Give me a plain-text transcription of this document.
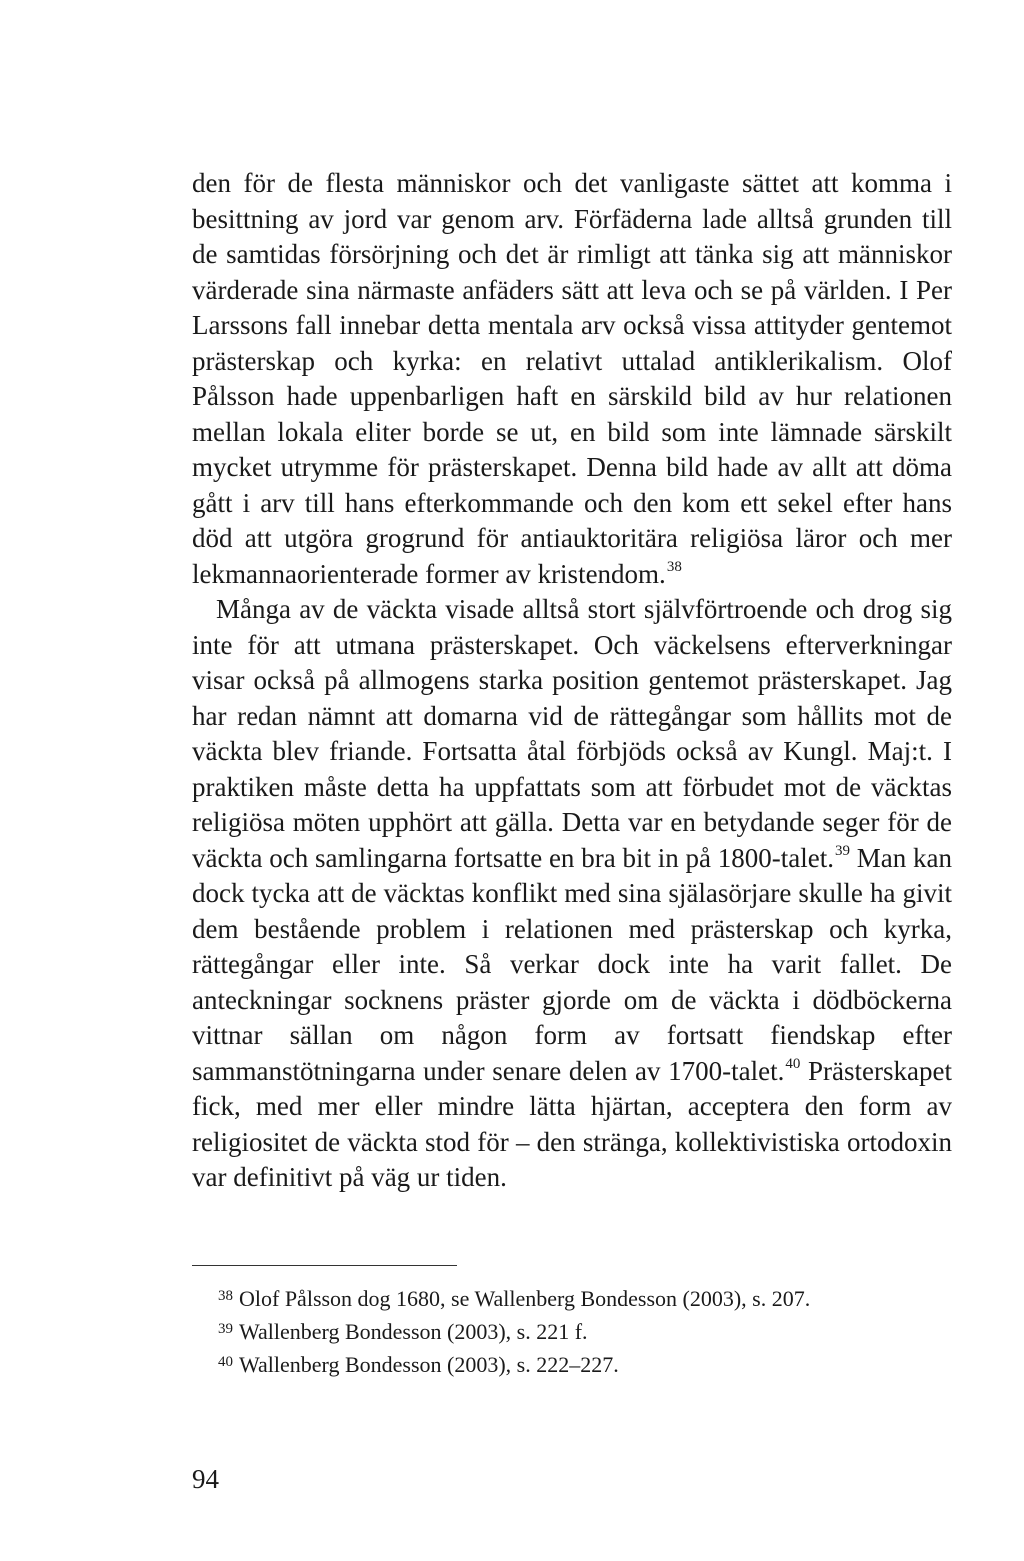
den för de flesta människor och det vanligaste sättet att komma i besittning av jord var genom arv. Förfäderna lade alltså grunden till de samtidas försörjning och det är rimligt att tänka sig att människor värderade sina närmaste anfäders sätt att leva och se på världen. I Per Larssons fall innebar detta mentala arv också vissa attityder gentemot prästerskap och kyrka: en relativt uttalad antiklerikalism. Olof Pålsson hade uppenbarligen haft en särskild bild av hur relationen mellan lokala eliter borde se ut, en bild som inte lämnade särskilt mycket utrymme för prästerskapet. Denna bild hade av allt att döma gått i arv till hans efterkommande och den kom ett sekel efter hans död att utgöra grogrund för antiauktoritära religiösa läror och mer lekmannaorienterade former av kristendom.$^{38}$

Många av de väckta visade alltså stort självförtroende och drog sig inte för att utmana prästerskapet. Och väckelsens efterverkningar visar också på allmogens starka position gentemot prästerskapet. Jag har redan nämnt att domarna vid de rättegångar som hållits mot de väckta blev friande. Fortsatta åtal förbjöds också av Kungl. Maj:t. I praktiken måste detta ha uppfattats som att förbudet mot de väcktas religiösa möten upphört att gälla. Detta var en betydande seger för de väckta och samlingarna fortsatte en bra bit in på 1800-talet.$^{39}$ Man kan dock tycka att de väcktas konflikt med sina själasörjare skulle ha givit dem bestående problem i relationen med prästerskap och kyrka, rättegångar eller inte. Så verkar dock inte ha varit fallet. De anteckningar socknens präster gjorde om de väckta i dödböckerna vittnar sällan om någon form av fortsatt fiendskap efter sammanstötningarna under senare delen av 1700-talet.$^{40}$ Prästerskapet fick, med mer eller mindre lätta hjärtan, acceptera den form av religiositet de väckta stod för – den stränga, kollektivistiska ortodoxin var definitivt på väg ur tiden.

$^{38}$ Olof Pålsson dog 1680, se Wallenberg Bondesson (2003), s. 207.

$^{39}$ Wallenberg Bondesson (2003), s. 221 f.

$^{40}$ Wallenberg Bondesson (2003), s. 222–227.

94
